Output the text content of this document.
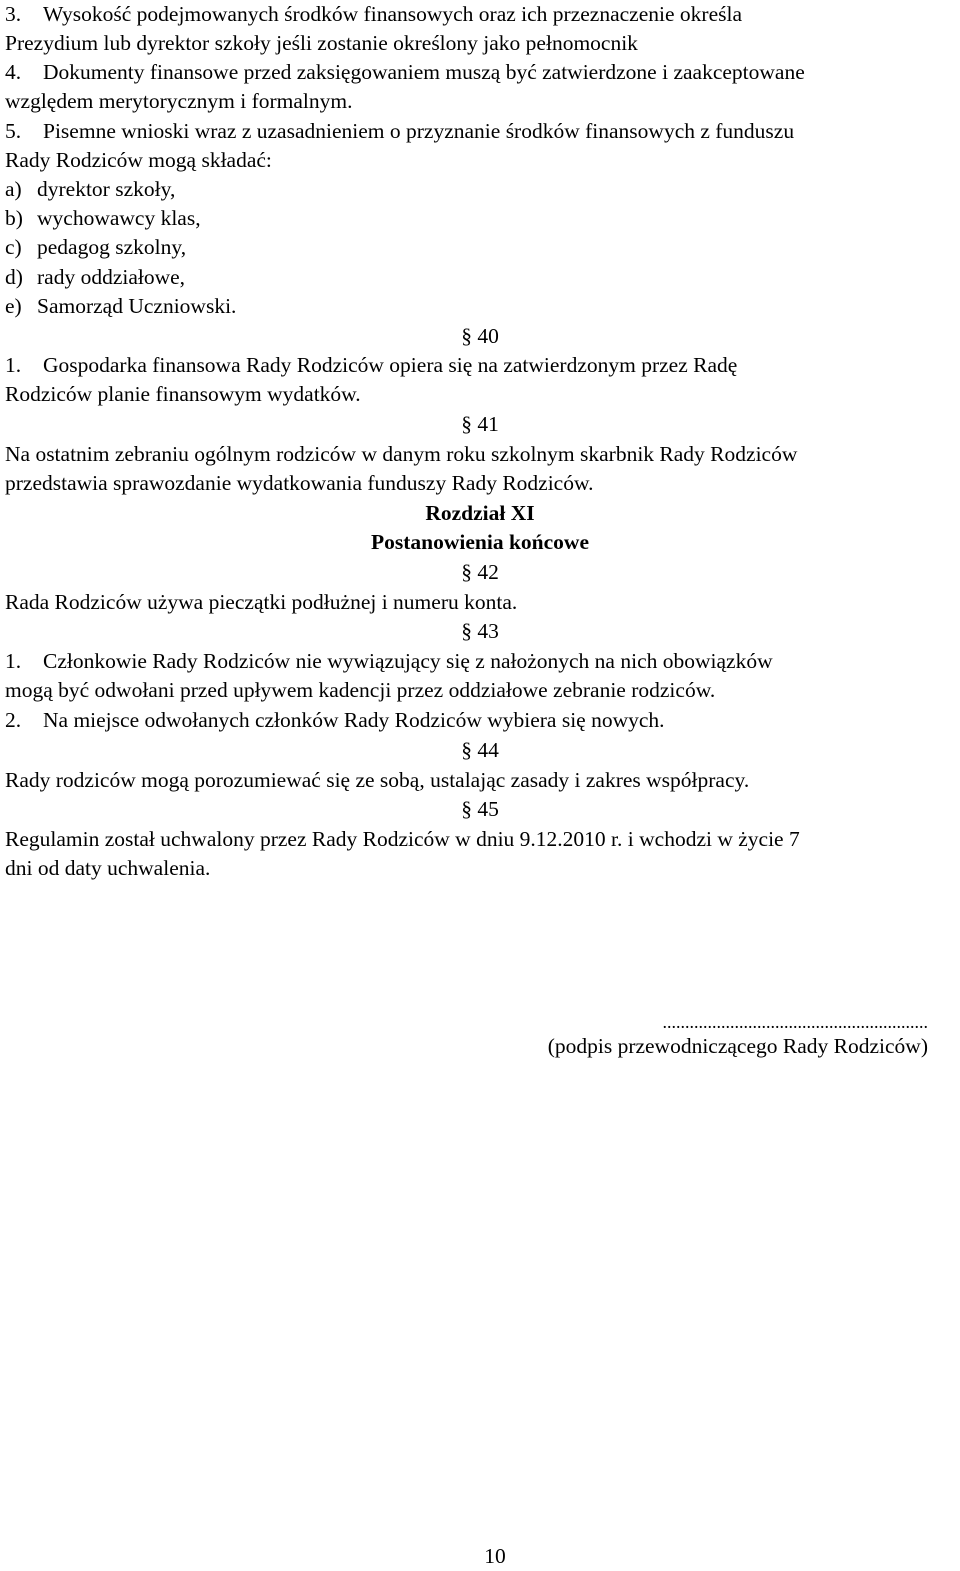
3. Wysokość podejmowanych środków finansowych oraz ich przeznaczenie określa
Prezydium lub dyrektor szkoły jeśli zostanie określony jako pełnomocnik
4. Dokumenty finansowe przed zaksięgowaniem muszą być zatwierdzone i zaakceptowane
względem merytorycznym i formalnym.
5. Pisemne wnioski wraz z uzasadnieniem o przyznanie środków finansowych z funduszu
Rady Rodziców mogą składać:
a) dyrektor szkoły,
b) wychowawcy klas,
c) pedagog szkolny,
d) rady oddziałowe,
e) Samorząd Uczniowski.
§ 40
1. Gospodarka finansowa Rady Rodziców opiera się na zatwierdzonym przez Radę
Rodziców planie finansowym wydatków.
§ 41
Na ostatnim zebraniu ogólnym rodziców w danym roku szkolnym skarbnik Rady Rodziców
przedstawia sprawozdanie wydatkowania funduszy Rady Rodziców.
Rozdział XI
Postanowienia końcowe
§ 42
Rada Rodziców używa pieczątki podłużnej i numeru konta.
§ 43
1. Członkowie Rady Rodziców nie wywiązujący się z nałożonych na nich obowiązków
mogą być odwołani przed upływem kadencji przez oddziałowe zebranie rodziców.
2. Na miejsce odwołanych członków Rady Rodziców wybiera się nowych.
§ 44
Rady rodziców mogą porozumiewać się ze sobą, ustalając zasady i zakres współpracy.
§ 45
Regulamin został uchwalony przez Rady Rodziców w dniu 9.12.2010 r. i wchodzi w życie 7
dni od daty uchwalenia.
...........................................................
(podpis przewodniczącego Rady Rodziców)
10
